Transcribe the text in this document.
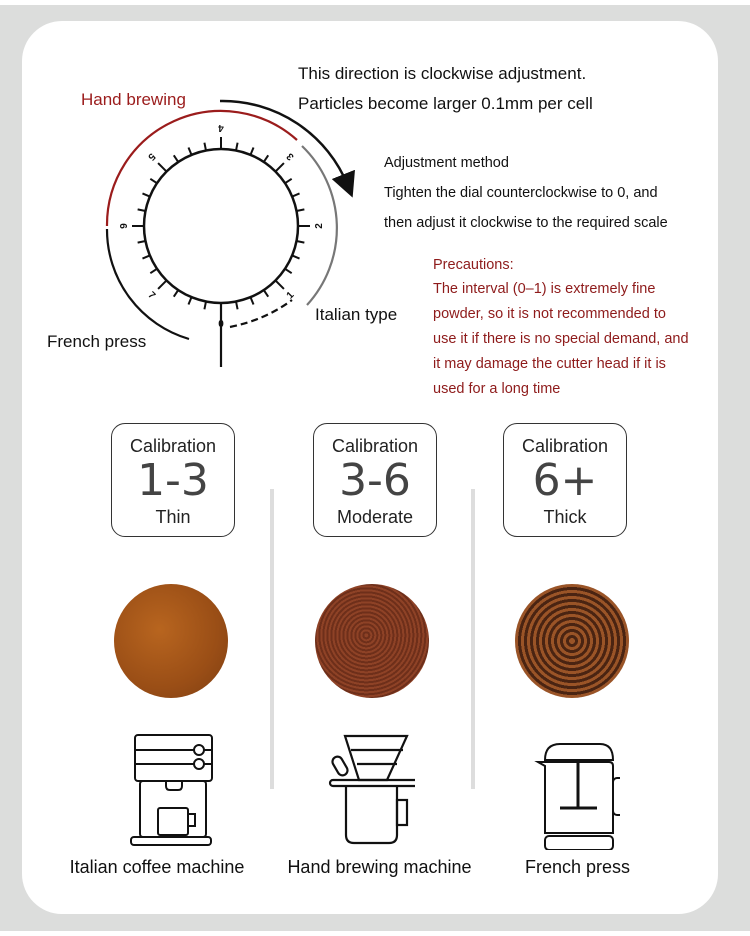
This direction is clockwise adjustment.
Particles become larger 0.1mm per cell
Hand brewing
Italian type
French press
0
1
2
3
4
5
6
7
Adjustment method
Tighten the dial counterclockwise to 0, and
then adjust it clockwise to the required scale
Precautions:
The interval (0–1) is extremely fine
powder, so it is not recommended to
use it if there is no special demand, and
it may damage the cutter head if it is
used for a long time
Calibration
1-3
Thin
Calibration
3-6
Moderate
Calibration
6+
Thick
Italian coffee machine	Hand brewing machine	French press
